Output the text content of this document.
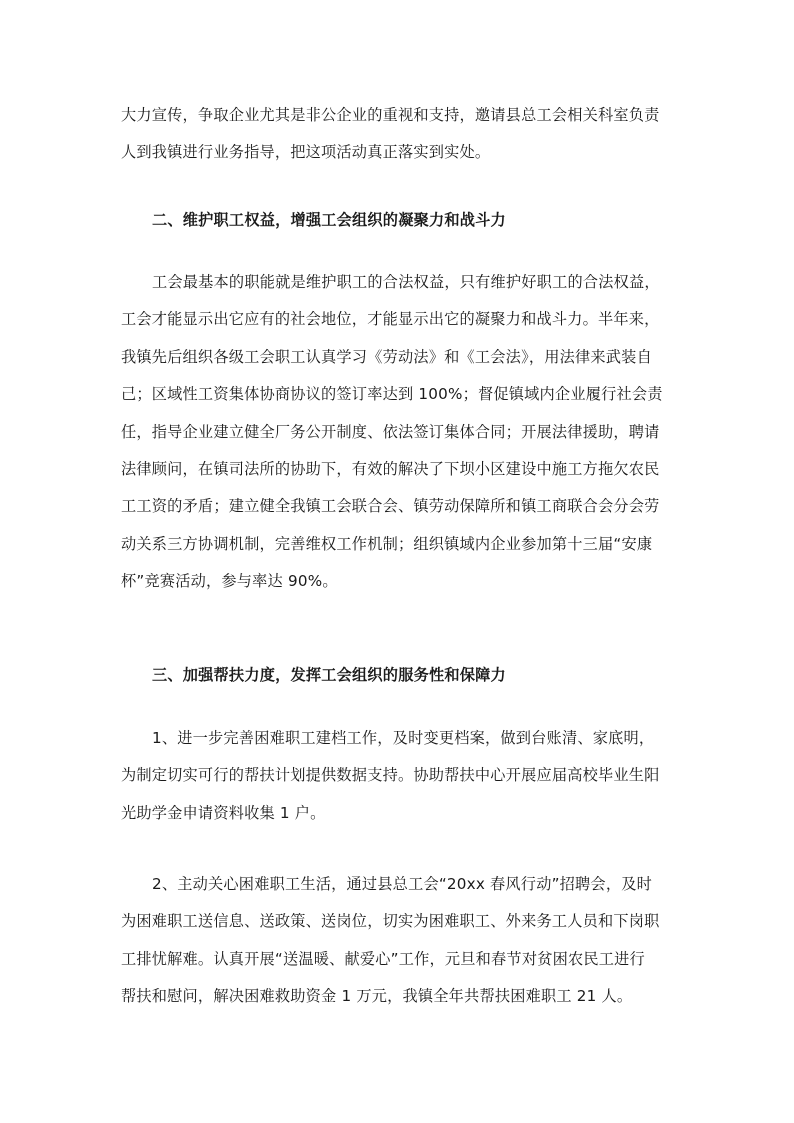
大力宣传，争取企业尤其是非公企业的重视和支持，邀请县总工会相关科室负责
人到我镇进行业务指导，把这项活动真正落实到实处。
二、维护职工权益，增强工会组织的凝聚力和战斗力
工会最基本的职能就是维护职工的合法权益，只有维护好职工的合法权益，
工会才能显示出它应有的社会地位，才能显示出它的凝聚力和战斗力。半年来，
我镇先后组织各级工会职工认真学习《劳动法》和《工会法》，用法律来武装自
己；区域性工资集体协商协议的签订率达到 100%；督促镇域内企业履行社会责
任，指导企业建立健全厂务公开制度、依法签订集体合同；开展法律援助，聘请
法律顾问，在镇司法所的协助下，有效的解决了下坝小区建设中施工方拖欠农民
工工资的矛盾；建立健全我镇工会联合会、镇劳动保障所和镇工商联合会分会劳
动关系三方协调机制，完善维权工作机制；组织镇域内企业参加第十三届“安康
杯”竞赛活动，参与率达 90%。
三、加强帮扶力度，发挥工会组织的服务性和保障力
1、进一步完善困难职工建档工作，及时变更档案，做到台账清、家底明，
为制定切实可行的帮扶计划提供数据支持。协助帮扶中心开展应届高校毕业生阳
光助学金申请资料收集 1 户。
2、主动关心困难职工生活，通过县总工会“20xx 春风行动”招聘会，及时
为困难职工送信息、送政策、送岗位，切实为困难职工、外来务工人员和下岗职
工排忧解难。认真开展“送温暖、献爱心”工作，元旦和春节对贫困农民工进行
帮扶和慰问，解决困难救助资金 1 万元，我镇全年共帮扶困难职工 21 人。
